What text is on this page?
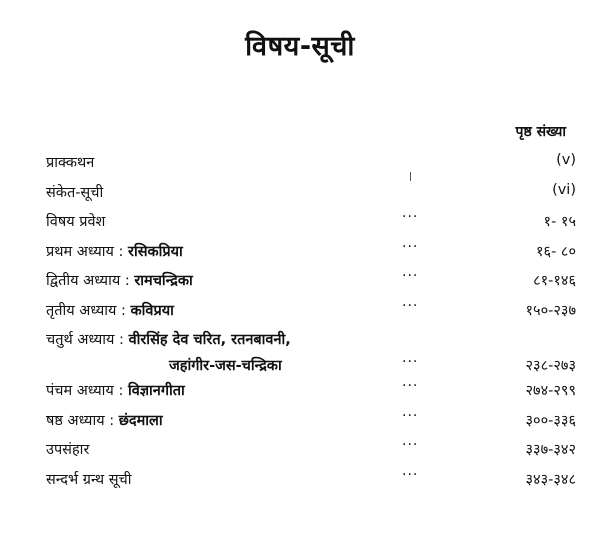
विषय-सूची
पृष्ठ संख्या
प्राक्कथन	(v)
संकेत-सूची	(vi)
विषय प्रवेश	···	१- १५
प्रथम अध्याय : रसिकप्रिया	···	१६- ८०
द्वितीय अध्याय : रामचन्द्रिका	···	८१-१४६
तृतीय अध्याय : कविप्रया	···	१५०-२३७
चतुर्थ अध्याय : वीरसिंह देव चरित, रतनबावनी,
जहांगीर-जस-चन्द्रिका	···	२३८-२७३
पंचम अध्याय : विज्ञानगीता	···	२७४-२९९
षष्ठ अध्याय : छंदमाला	···	३००-३३६
उपसंहार	···	३३७-३४२
सन्दर्भ ग्रन्थ सूची	···	३४३-३४८
